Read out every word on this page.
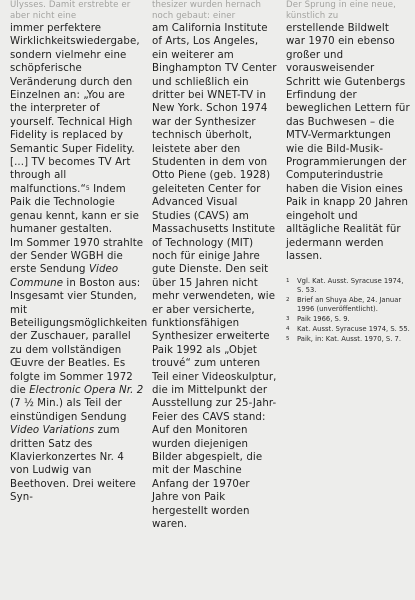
Ulysses. Damit erstrebte er aber nicht eine

immer perfektere Wirklichkeitswiedergabe, sondern vielmehr eine schöpferische Veränderung durch den Einzelnen an: „You are the interpreter of yourself. Technical High Fidelity is replaced by Semantic Super Fidelity. [...] TV becomes TV Art through all malfunctions.“$^5$ Indem Paik die Technologie genau kennt, kann er sie humaner gestalten.

Im Sommer 1970 strahlte der Sender WGBH die erste Sendung Video Commune in Boston aus: Insgesamt vier Stunden, mit Beteiligungsmöglichkeiten der Zuschauer, parallel zu dem vollständigen Œuvre der Beatles. Es folgte im Sommer 1972 die Electronic Opera Nr. 2 (7 ½ Min.) als Teil der einstündigen Sendung Video Variations zum dritten Satz des Klavierkonzertes Nr. 4 von Ludwig van Beethoven. Drei weitere Syn-

thesizer wurden hernach noch gebaut: einer

am California Institute of Arts, Los Angeles, ein weiterer am Binghampton TV Center und schließlich ein dritter bei WNET-TV in New York. Schon 1974 war der Synthesizer technisch überholt, leistete aber den Studenten in dem von Otto Piene (geb. 1928) geleiteten Center for Advanced Visual Studies (CAVS) am Massachusetts Institute of Technology (MIT) noch für einige Jahre gute Dienste. Den seit über 15 Jahren nicht mehr verwendeten, wie er aber versicherte, funktionsfähigen Synthesizer erweiterte Paik 1992 als „Objet trouvé“ zum unteren Teil einer Videoskulptur, die im Mittelpunkt der Ausstellung zur 25-Jahr-Feier des CAVS stand: Auf den Monitoren wurden diejenigen Bilder abgespielt, die mit der Maschine Anfang der 1970er Jahre von Paik hergestellt worden waren.

Der Sprung in eine neue, künstlich zu

erstellende Bildwelt war 1970 ein ebenso großer und vorausweisender Schritt wie Gutenbergs Erfindung der beweglichen Lettern für das Buchwesen – die MTV-Vermarktungen wie die Bild-Musik-Programmierungen der Computerindustrie haben die Vision eines Paik in knapp 20 Jahren eingeholt und alltägliche Realität für jedermann werden lassen.

1	Vgl. Kat. Ausst. Syracuse 1974, S. 53.
2	Brief an Shuya Abe, 24. Januar 1996 (unveröffentlicht).
3	Paik 1966, S. 9.
4	Kat. Ausst. Syracuse 1974, S. 55.
5	Paik, in: Kat. Ausst. 1970, S. 7.
